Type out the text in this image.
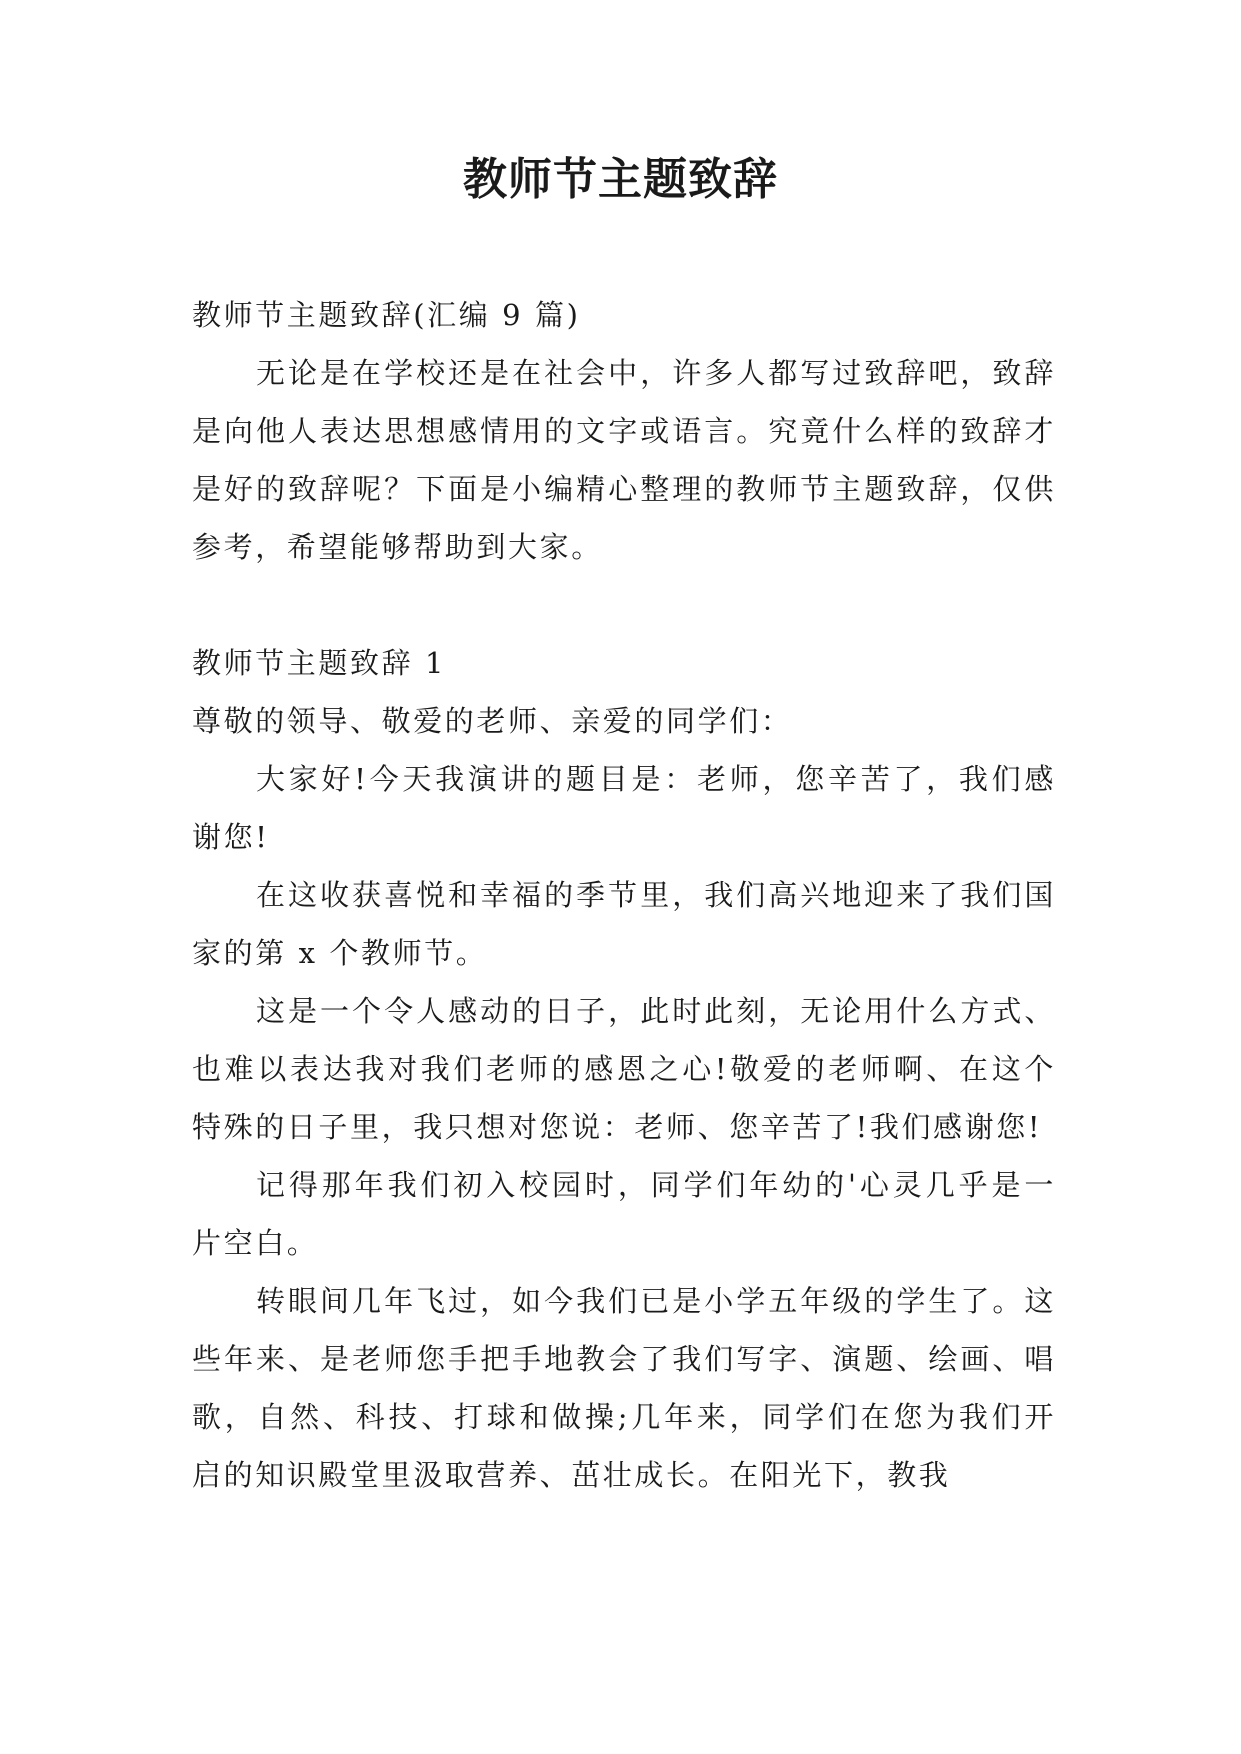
教师节主题致辞

教师节主题致辞(汇编 9 篇)

无论是在学校还是在社会中，许多人都写过致辞吧，致辞是向他人表达思想感情用的文字或语言。究竟什么样的致辞才是好的致辞呢？下面是小编精心整理的教师节主题致辞，仅供参考，希望能够帮助到大家。

教师节主题致辞 1

尊敬的领导、敬爱的老师、亲爱的同学们：

大家好!今天我演讲的题目是：老师，您辛苦了，我们感谢您!

在这收获喜悦和幸福的季节里，我们高兴地迎来了我们国家的第 x 个教师节。

这是一个令人感动的日子，此时此刻，无论用什么方式、也难以表达我对我们老师的感恩之心!敬爱的老师啊、在这个特殊的日子里，我只想对您说：老师、您辛苦了!我们感谢您!

记得那年我们初入校园时，同学们年幼的'心灵几乎是一片空白。

转眼间几年飞过，如今我们已是小学五年级的学生了。这些年来、是老师您手把手地教会了我们写字、演题、绘画、唱歌，自然、科技、打球和做操;几年来，同学们在您为我们开启的知识殿堂里汲取营养、茁壮成长。在阳光下，教我
